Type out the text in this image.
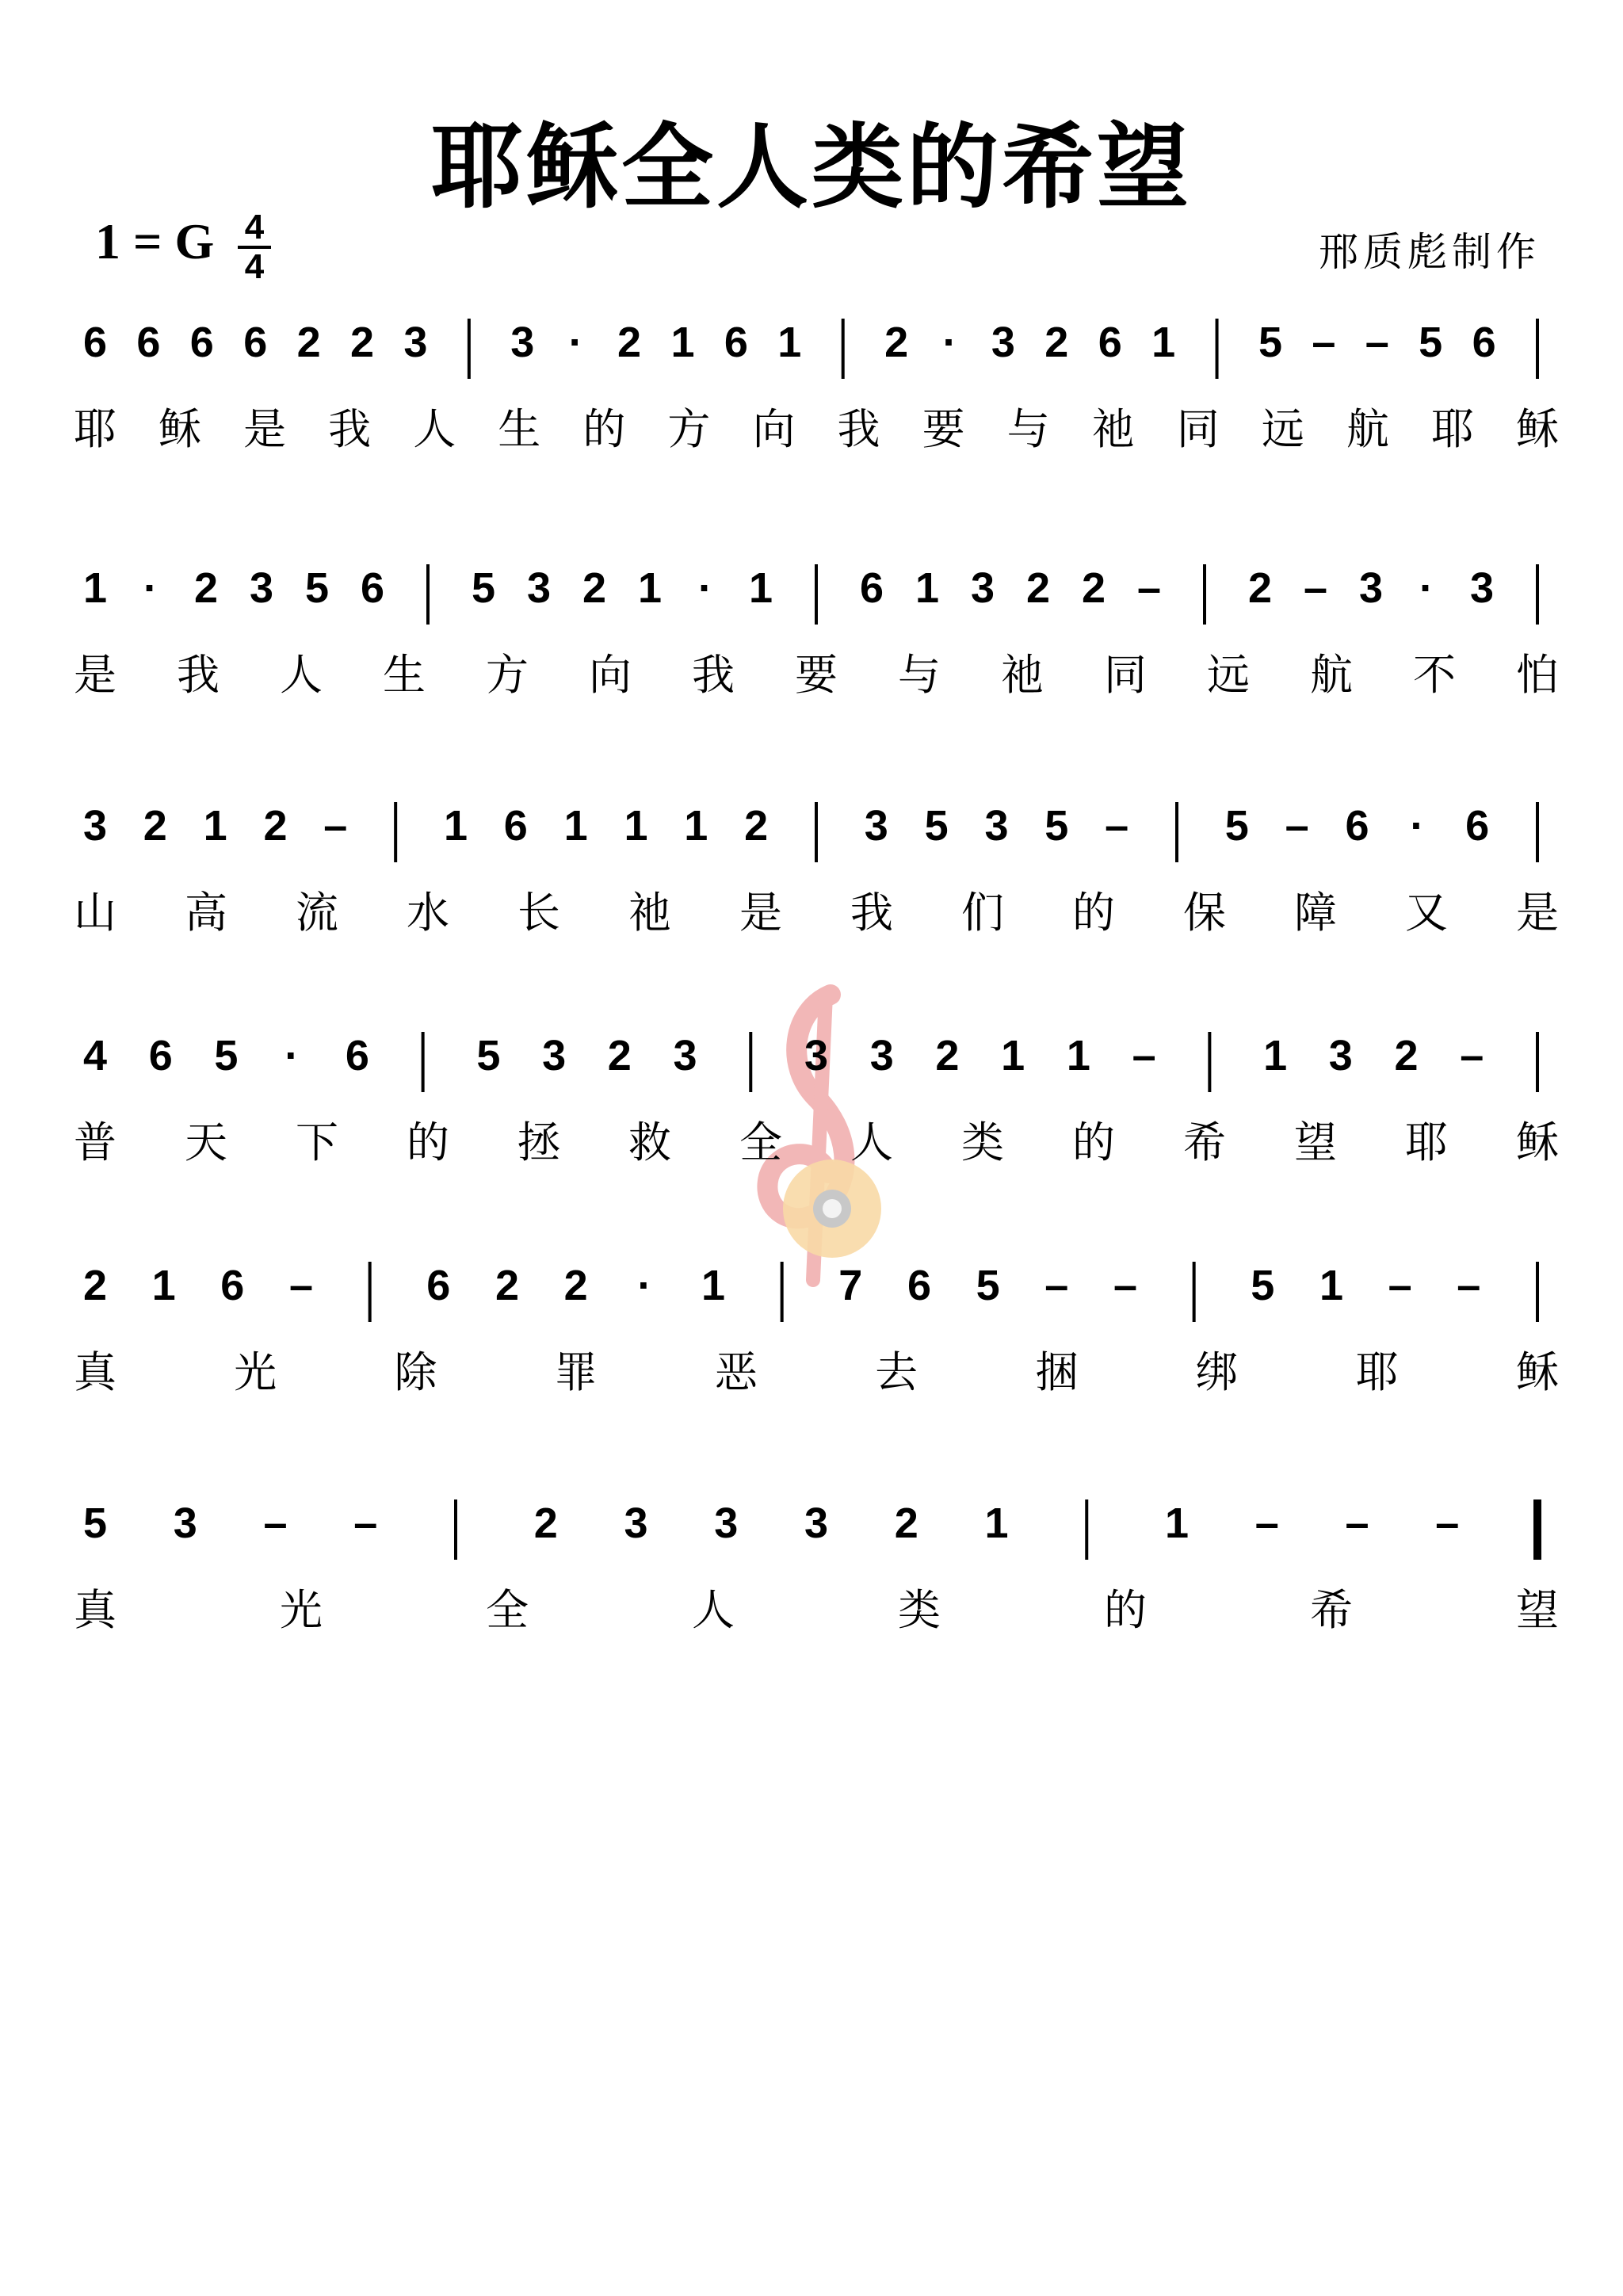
耶稣全人类的希望
1 = G 4
4	邢质彪制作
6 6 6 6 2 2 3 3 · 2 1 6 1 2 · 3 2 6 1 5 – – 5 6
耶 稣 是 我 人 生 的 方 向 我 要 与 祂 同 远 航 耶 稣
1 · 2 3 5 6 5 3 2 1 · 1 6 1 3 2 2 – 2 – 3 · 3
是 我 人 生 方 向 我 要 与 祂 同 远 航 不 怕
3 2 1 2 – 1 6 1 1 1 2 3 5 3 5 – 5 – 6 · 6
山 高 流 水 长 祂 是 我 们 的 保 障 又 是
4 6 5 · 6	5 3 2 3	3 3 2 1 1 –	1 3 2 –
普 天 下 的 拯 救 全 人 类 的 希 望 耶 稣
2 1 6 –	6 2 2 · 1	7 6 5 – –	5 1 – –
真	光	除	罪	恶	去	捆	绑	耶	稣
5 3 – –	2 3 3 3 2 1	1 – – –
真	光	全	人	类	的	希	望
